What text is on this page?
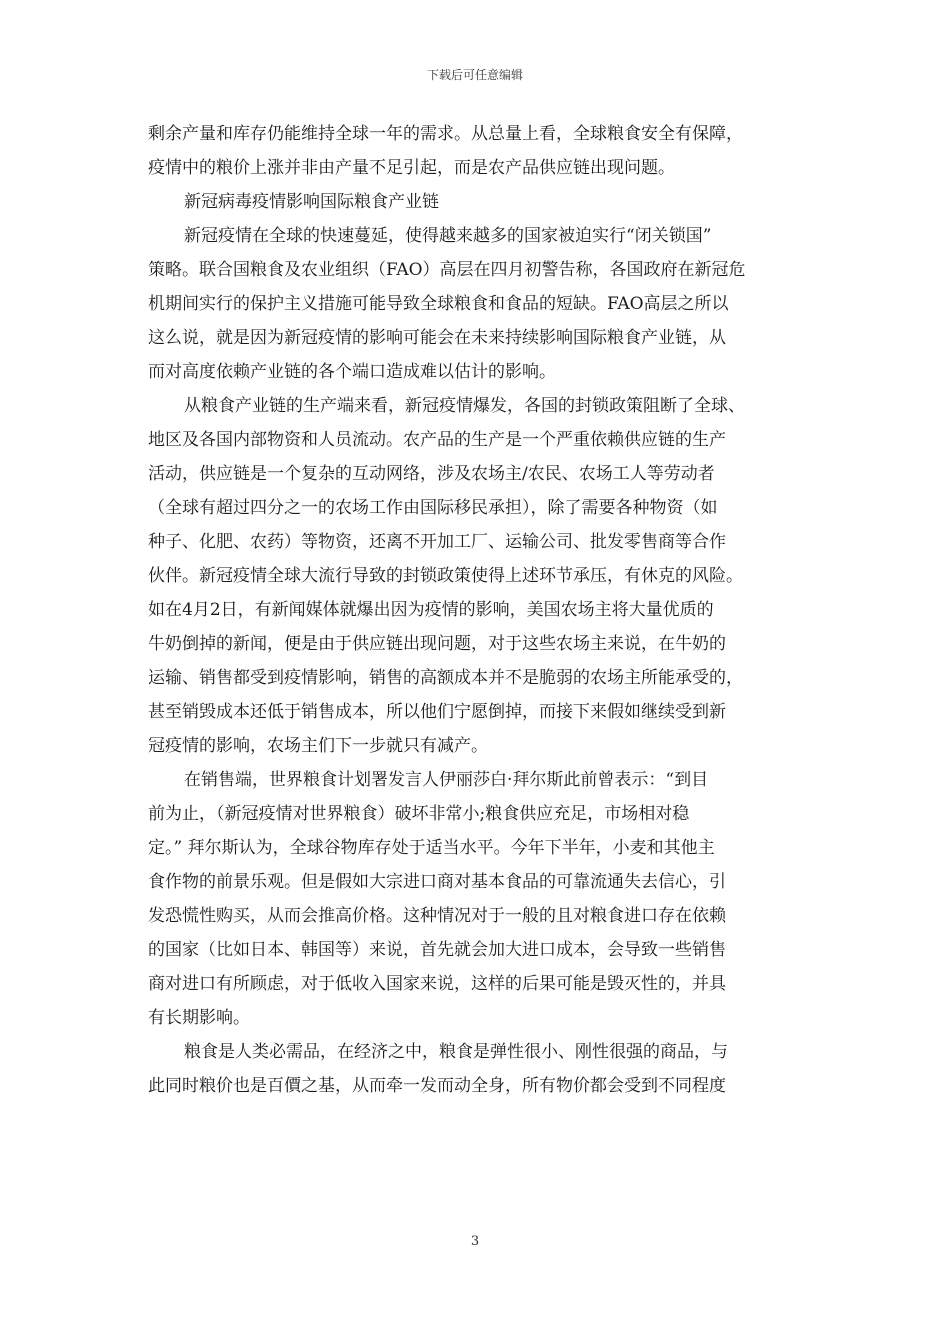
下载后可任意编辑
剩余产量和库存仍能维持全球一年的需求。从总量上看，全球粮食安全有保障，
疫情中的粮价上涨并非由产量不足引起，而是农产品供应链出现问题。
新冠病毒疫情影响国际粮食产业链
新冠疫情在全球的快速蔓延，使得越来越多的国家被迫实行“闭关锁国”
策略。联合国粮食及农业组织（FAO）高层在四月初警告称，各国政府在新冠危
机期间实行的保护主义措施可能导致全球粮食和食品的短缺。FAO高层之所以
这么说，就是因为新冠疫情的影响可能会在未来持续影响国际粮食产业链，从
而对高度依赖产业链的各个端口造成难以估计的影响。
从粮食产业链的生产端来看，新冠疫情爆发，各国的封锁政策阻断了全球、
地区及各国内部物资和人员流动。农产品的生产是一个严重依赖供应链的生产
活动，供应链是一个复杂的互动网络，涉及农场主/农民、农场工人等劳动者
（全球有超过四分之一的农场工作由国际移民承担），除了需要各种物资（如
种子、化肥、农药）等物资，还离不开加工厂、运输公司、批发零售商等合作
伙伴。新冠疫情全球大流行导致的封锁政策使得上述环节承压，有休克的风险。
如在4月2日，有新闻媒体就爆出因为疫情的影响，美国农场主将大量优质的
牛奶倒掉的新闻，便是由于供应链出现问题，对于这些农场主来说，在牛奶的
运输、销售都受到疫情影响，销售的高额成本并不是脆弱的农场主所能承受的，
甚至销毁成本还低于销售成本，所以他们宁愿倒掉，而接下来假如继续受到新
冠疫情的影响，农场主们下一步就只有减产。
在销售端，世界粮食计划署发言人伊丽莎白·拜尔斯此前曾表示：“到目
前为止，（新冠疫情对世界粮食）破坏非常小;粮食供应充足，市场相对稳
定。” 拜尔斯认为，全球谷物库存处于适当水平。今年下半年，小麦和其他主
食作物的前景乐观。但是假如大宗进口商对基本食品的可靠流通失去信心，引
发恐慌性购买，从而会推高价格。这种情况对于一般的且对粮食进口存在依赖
的国家（比如日本、韩国等）来说，首先就会加大进口成本，会导致一些销售
商对进口有所顾虑，对于低收入国家来说，这样的后果可能是毁灭性的，并具
有长期影响。
粮食是人类必需品，在经济之中，粮食是弹性很小、刚性很强的商品，与
此同时粮价也是百價之基，从而牵一发而动全身，所有物价都会受到不同程度
3
